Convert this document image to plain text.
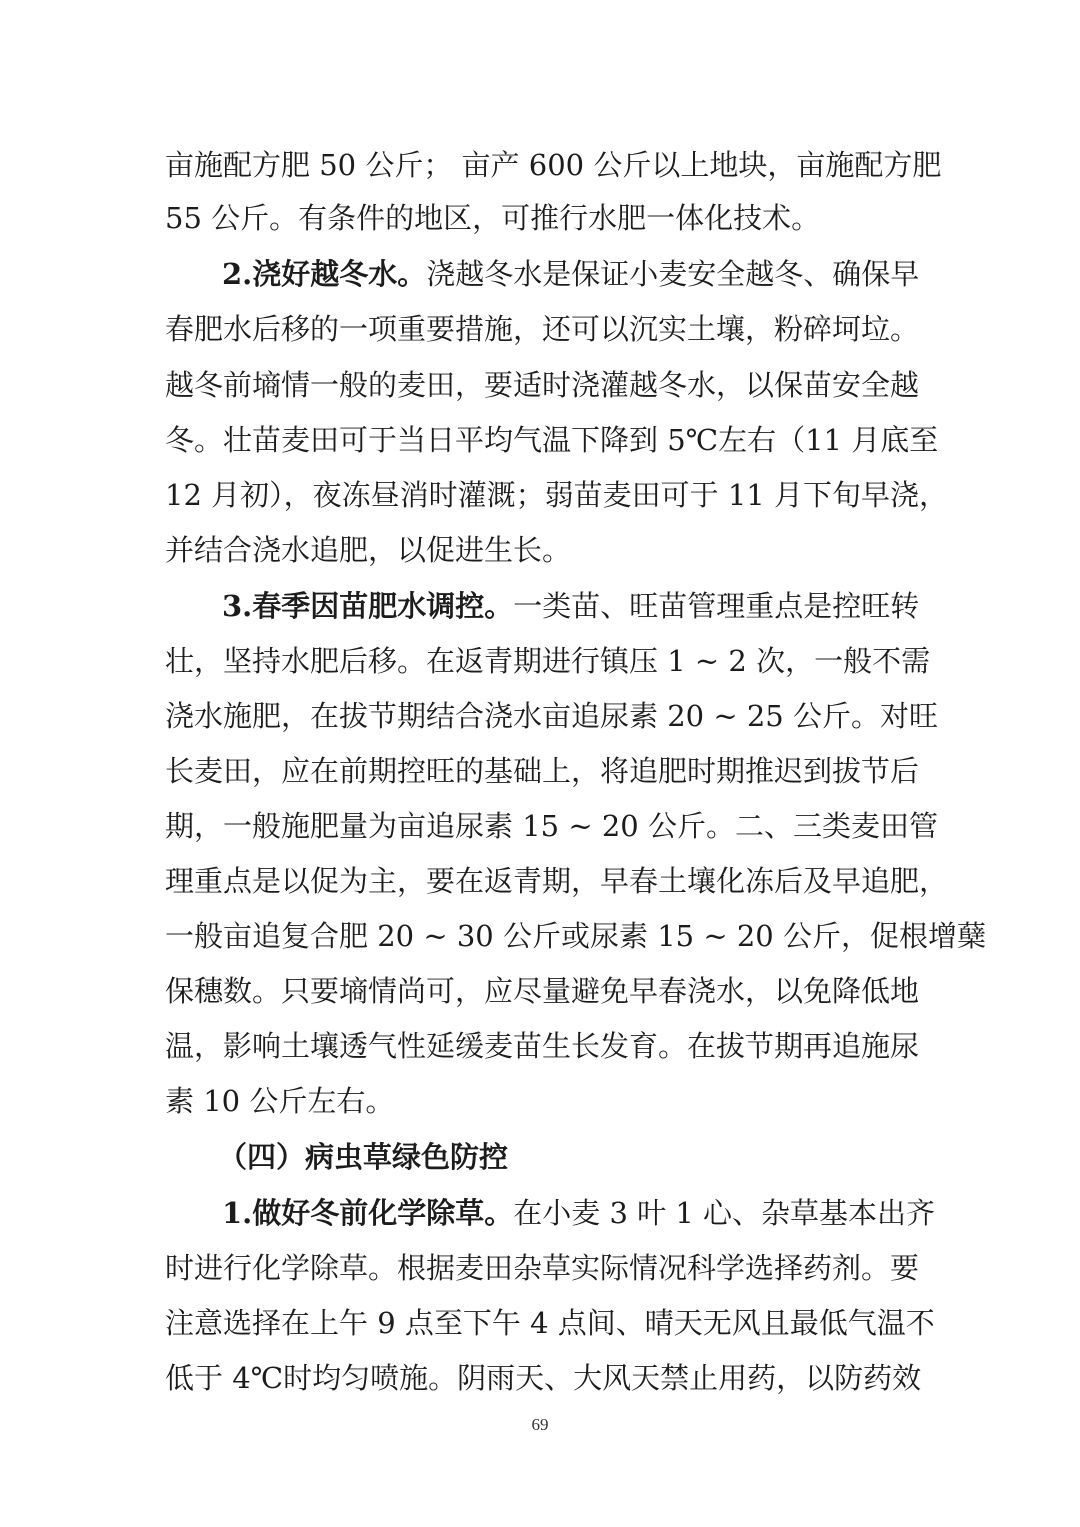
亩施配方肥 50 公斤； 亩产 600 公斤以上地块，亩施配方肥
55 公斤。有条件的地区，可推行水肥一体化技术。
2.浇好越冬水。浇越冬水是保证小麦安全越冬、确保早
春肥水后移的一项重要措施，还可以沉实土壤，粉碎坷垃。
越冬前墒情一般的麦田，要适时浇灌越冬水，以保苗安全越
冬。壮苗麦田可于当日平均气温下降到 5℃左右（11 月底至
12 月初），夜冻昼消时灌溉；弱苗麦田可于 11 月下旬早浇，
并结合浇水追肥，以促进生长。
3.春季因苗肥水调控。一类苗、旺苗管理重点是控旺转
壮，坚持水肥后移。在返青期进行镇压 1 ~ 2 次，一般不需
浇水施肥，在拔节期结合浇水亩追尿素 20 ~ 25 公斤。对旺
长麦田，应在前期控旺的基础上，将追肥时期推迟到拔节后
期，一般施肥量为亩追尿素 15 ~ 20 公斤。二、三类麦田管
理重点是以促为主，要在返青期，早春土壤化冻后及早追肥，
一般亩追复合肥 20 ~ 30 公斤或尿素 15 ~ 20 公斤，促根增蘖
保穗数。只要墒情尚可，应尽量避免早春浇水，以免降低地
温，影响土壤透气性延缓麦苗生长发育。在拔节期再追施尿
素 10 公斤左右。
（四）病虫草绿色防控
1.做好冬前化学除草。在小麦 3 叶 1 心、杂草基本出齐
时进行化学除草。根据麦田杂草实际情况科学选择药剂。要
注意选择在上午 9 点至下午 4 点间、晴天无风且最低气温不
低于 4℃时均匀喷施。阴雨天、大风天禁止用药，以防药效
69
